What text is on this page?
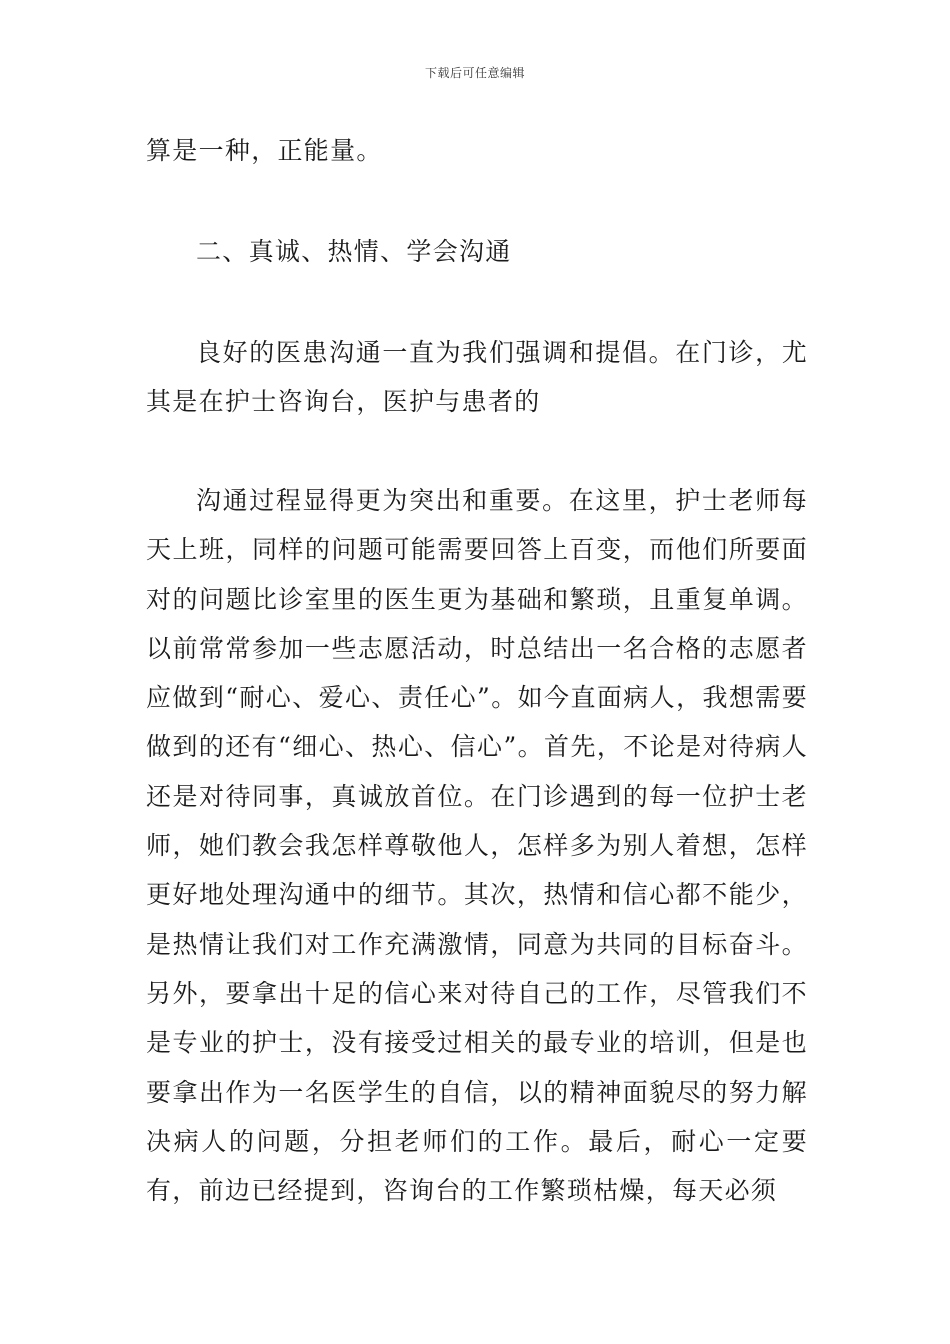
下载后可任意编辑

算是一种，正能量。

二、真诚、热情、学会沟通

良好的医患沟通一直为我们强调和提倡。在门诊，尤其是在护士咨询台，医护与患者的

沟通过程显得更为突出和重要。在这里，护士老师每天上班，同样的问题可能需要回答上百变，而他们所要面对的问题比诊室里的医生更为基础和繁琐，且重复单调。以前常常参加一些志愿活动，时总结出一名合格的志愿者应做到“耐心、爱心、责任心”。如今直面病人，我想需要做到的还有“细心、热心、信心”。首先，不论是对待病人还是对待同事，真诚放首位。在门诊遇到的每一位护士老师，她们教会我怎样尊敬他人，怎样多为别人着想，怎样更好地处理沟通中的细节。其次，热情和信心都不能少，是热情让我们对工作充满激情，同意为共同的目标奋斗。另外，要拿出十足的信心来对待自己的工作，尽管我们不是专业的护士，没有接受过相关的最专业的培训，但是也要拿出作为一名医学生的自信，以的精神面貌尽的努力解决病人的问题，分担老师们的工作。最后，耐心一定要有，前边已经提到，咨询台的工作繁琐枯燥，每天必须
